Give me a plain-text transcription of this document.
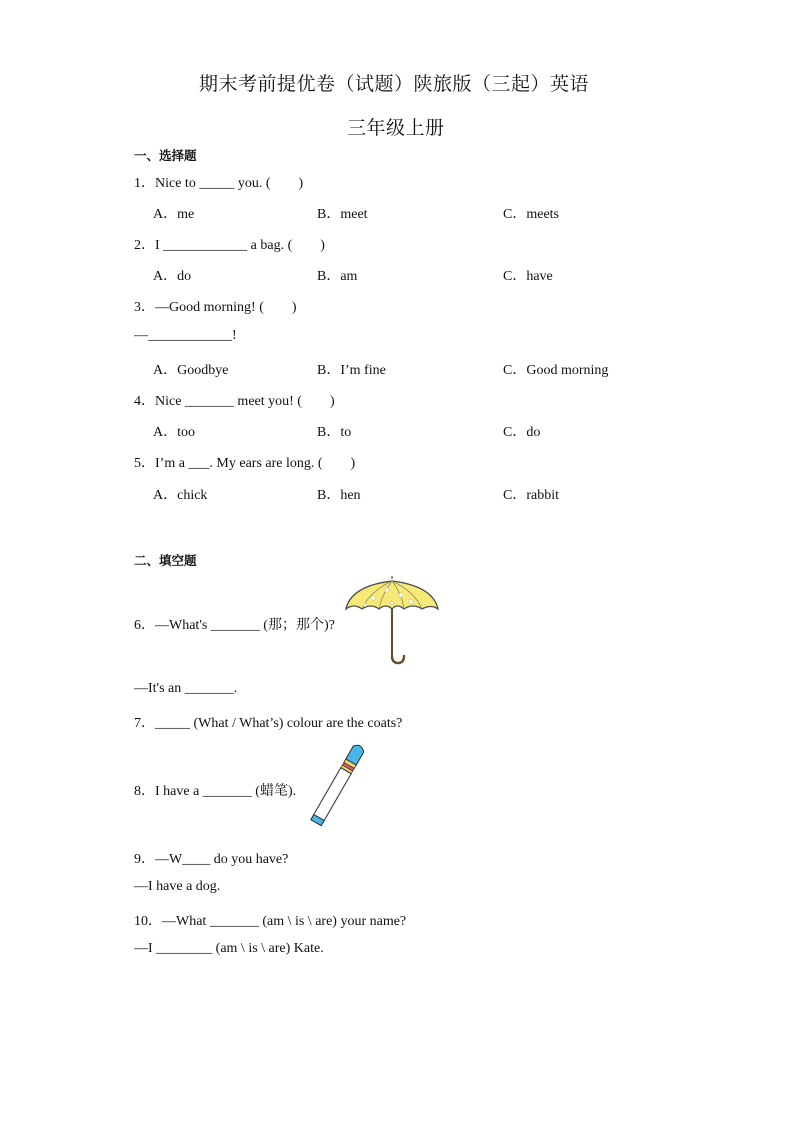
期末考前提优卷（试题）陕旅版（三起）英语
三年级上册
一、选择题
1．Nice to _____ you. (　　)
A．me	B．meet	C．meets
2．I ____________ a bag. (　　)
A．do	B．am	C．have
3．—Good morning! (　　)
—____________!
A．Goodbye	B．I’m fine	C．Good morning
4．Nice _______ meet you! (　　)
A．too	B．to	C．do
5．I’m a ___. My ears are long. (　　)
A．chick	B．hen	C．rabbit
二、填空题
6．—What's _______ (那；那个)?
—It's an _______.
7．_____ (What / What’s) colour are the coats?
8．I have a _______ (蜡笔).
9．—W____ do you have?
—I have a dog.
10．—What _______ (am \ is \ are) your name?
—I ________ (am \ is \ are) Kate.
